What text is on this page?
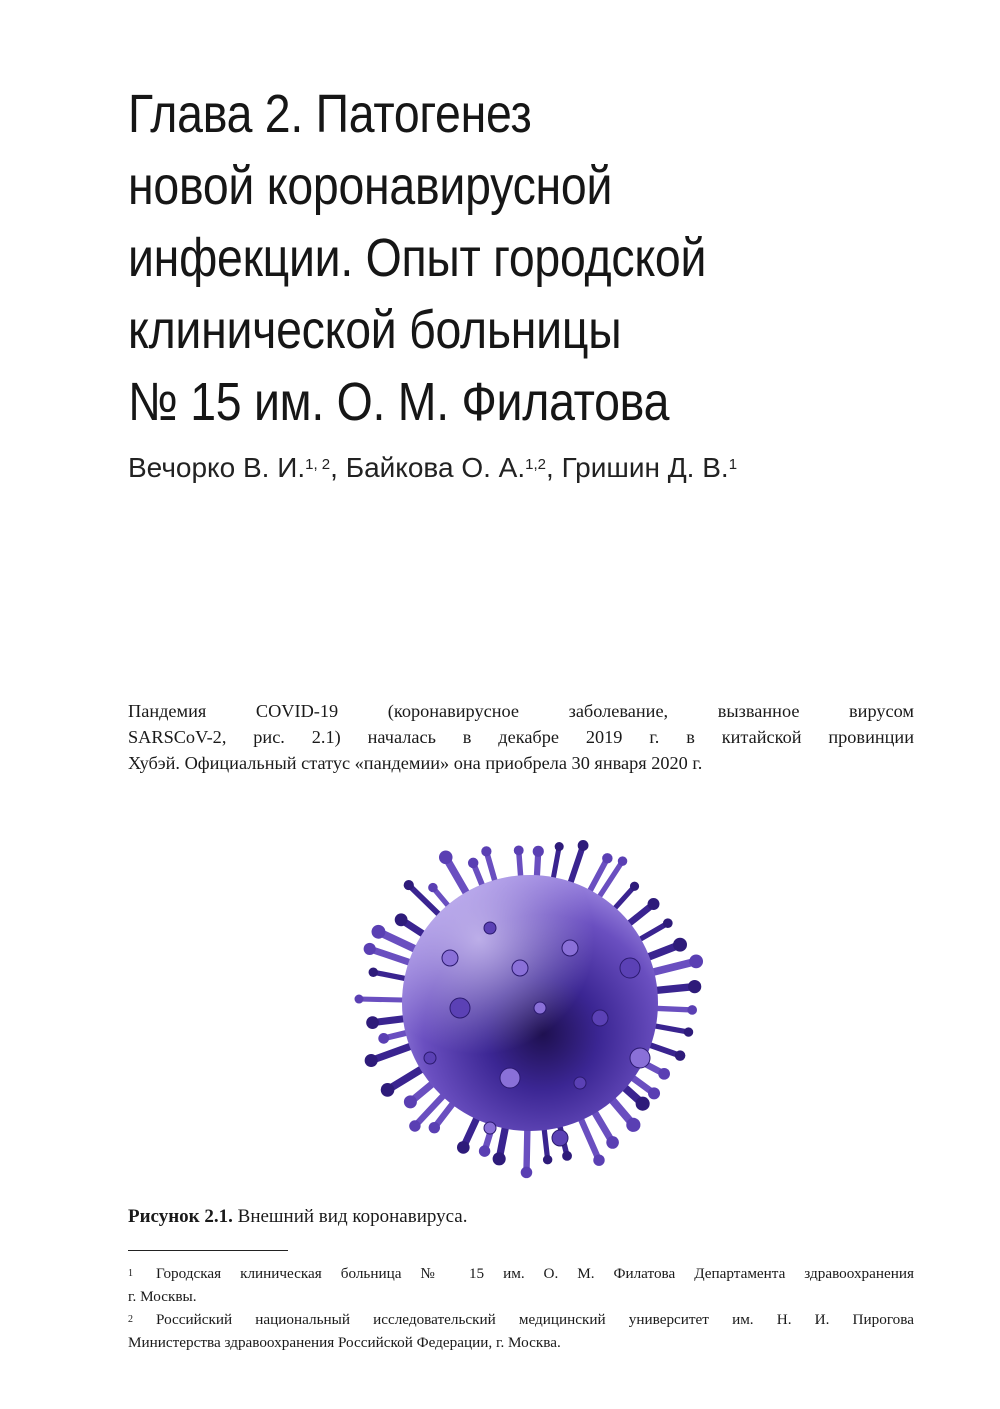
Глава 2. Патогенез
новой коронавирусной
инфекции. Опыт городской
клинической больницы
№ 15 им. О. М. Филатова
Вечорко В. И.$^{1, 2}$, Байкова О. А.$^{1,2}$, Гришин Д. В.$^1$
Пандемия COVID-19 (коронавирусное заболевание, вызванное вирусом
SARSCoV-2, рис. 2.1) началась в декабре 2019 г. в китайской провинции
Хубэй. Официальный статус «пандемии» она приобрела 30 января 2020 г.
Рисунок 2.1. Внешний вид коронавируса.
1 Городская клиническая больница № 15 им. О. М. Филатова Департамента здравоохранения
г. Москвы.
2 Российский национальный исследовательский медицинский университет им. Н. И. Пирогова
Министерства здравоохранения Российской Федерации, г. Москва.
